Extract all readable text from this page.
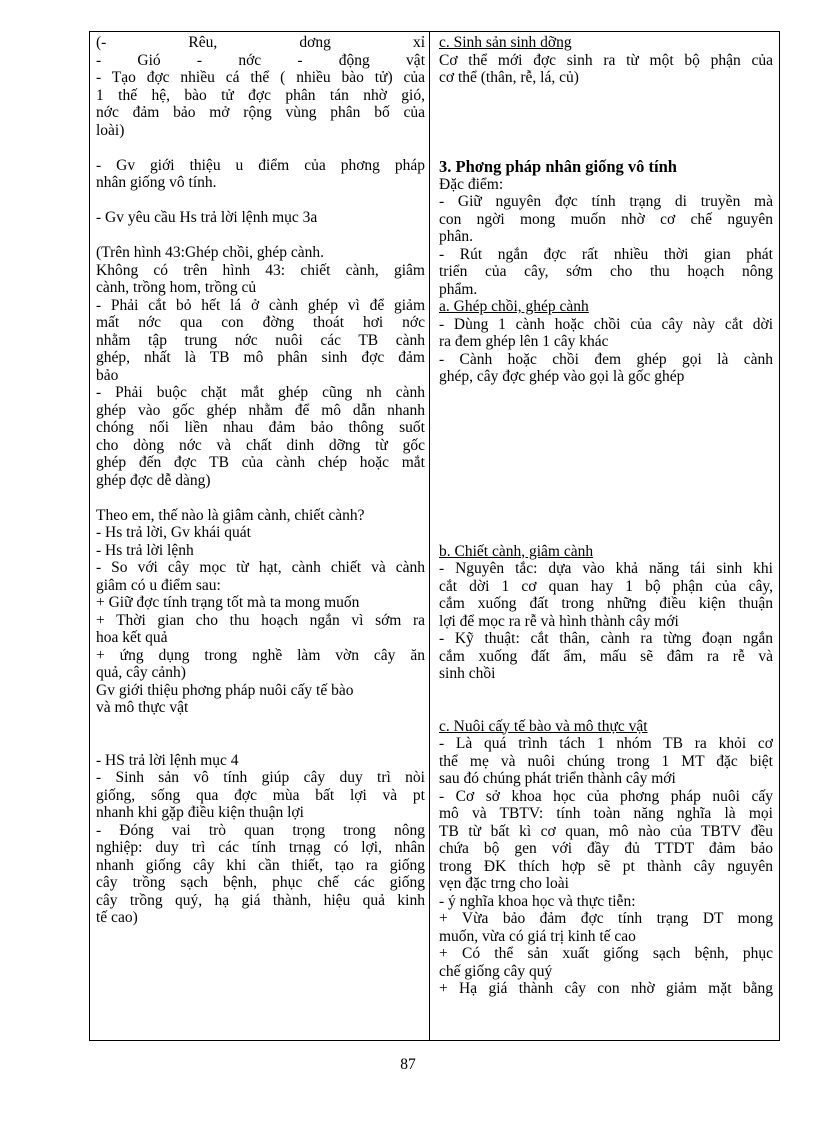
(- Rêu, dơng xỉ
- Gió - nớc - động vật
- Tạo đợc nhiều cá thể ( nhiều bào tử) của
1 thế hệ, bào tử đợc phân tán nhờ gió,
nớc đảm bảo mở rộng vùng phân bố của
loài)
- Gv giới thiệu u điểm của phơng pháp
nhân giống vô tính.
- Gv yêu cầu Hs trả lời lệnh mục 3a
(Trên hình 43:Ghép chồi, ghép cành.
Không có trên hình 43: chiết cành, giâm
cành, trồng hom, trồng củ
- Phải cắt bỏ hết lá ở cành ghép vì để giảm
mất nớc qua con đờng thoát hơi nớc
nhằm tập trung nớc nuôi các TB cành
ghép, nhất là TB mô phân sinh đợc đảm
bảo
- Phải buộc chặt mắt ghép cũng nh cành
ghép vào gốc ghép nhằm để mô dẫn nhanh
chóng nối liền nhau đảm bảo thông suốt
cho dòng nớc và chất dinh dỡng từ gốc
ghép đến đợc TB của cành chép hoặc mắt
ghép đợc dễ dàng)
Theo em, thế nào là giâm cành, chiết cành?
- Hs trả lời, Gv khái quát
- Hs trả lời lệnh
- So với cây mọc từ hạt, cành chiết và cành
giâm có u điểm sau:
+ Giữ đợc tính trạng tốt mà ta mong muốn
+ Thời gian cho thu hoạch ngắn vì sớm ra
hoa kết quả
+ ứng dụng trong nghề làm vờn cây ăn
quả, cây cảnh)
Gv giới thiệu phơng pháp nuôi cấy tế bào
và mô thực vật
- HS trả lời lệnh mục 4
- Sinh sản vô tính giúp cây duy trì nòi
giống, sống qua đợc mùa bất lợi và pt
nhanh khi gặp điều kiện thuận lợi
- Đóng vai trò quan trọng trong nông
nghiệp: duy trì các tính trnạg có lợi, nhân
nhanh giống cây khi cần thiết, tạo ra giống
cây trồng sạch bệnh, phục chế các giống
cây trồng quý, hạ giá thành, hiệu quả kinh
tế cao)
c. Sinh sản sinh dỡng
Cơ thể mới đợc sinh ra từ một bộ phận của
cơ thể (thân, rễ, lá, củ)
3. Phơng pháp nhân giống vô tính
Đặc điểm:
- Giữ nguyên đợc tính trạng di truyền mà
con ngời mong muốn nhờ cơ chế nguyên
phân.
- Rút ngắn đợc rất nhiều thời gian phát
triển của cây, sớm cho thu hoạch nông
phẩm.
a. Ghép chồi, ghép cành
- Dùng 1 cành hoặc chồi của cây này cắt dời
ra đem ghép lên 1 cây khác
- Cành hoặc chồi đem ghép gọi là cành
ghép, cây đợc ghép vào gọi là gốc ghép
b. Chiết cành, giâm cành
- Nguyên tắc: dựa vào khả năng tái sinh khi
cắt dời 1 cơ quan hay 1 bộ phận của cây,
cắm xuống đất trong những điều kiện thuận
lợi để mọc ra rễ và hình thành cây mới
- Kỹ thuật: cắt thân, cành ra từng đoạn ngắn
cắm xuống đất ẩm, mấu sẽ đâm ra rễ và
sinh chồi
c. Nuôi cấy tế bào và mô thực vật
- Là quá trình tách 1 nhóm TB ra khỏi cơ
thể mẹ và nuôi chúng trong 1 MT đặc biệt
sau đó chúng phát triển thành cây mới
- Cơ sở khoa học của phơng pháp nuôi cấy
mô và TBTV: tính toàn năng nghĩa là mọi
TB từ bất kì cơ quan, mô nào của TBTV đều
chứa bộ gen với đầy đủ TTDT đảm bảo
trong ĐK thích hợp sẽ pt thành cây nguyên
vẹn đặc trng cho loài
- ý nghĩa khoa học và thực tiễn:
+ Vừa bảo đảm đợc tính trạng DT mong
muốn, vừa có giá trị kinh tế cao
+ Có thể sản xuất giống sạch bệnh, phục
chế giống cây quý
+ Hạ giá thành cây con nhờ giảm mặt bằng
87
